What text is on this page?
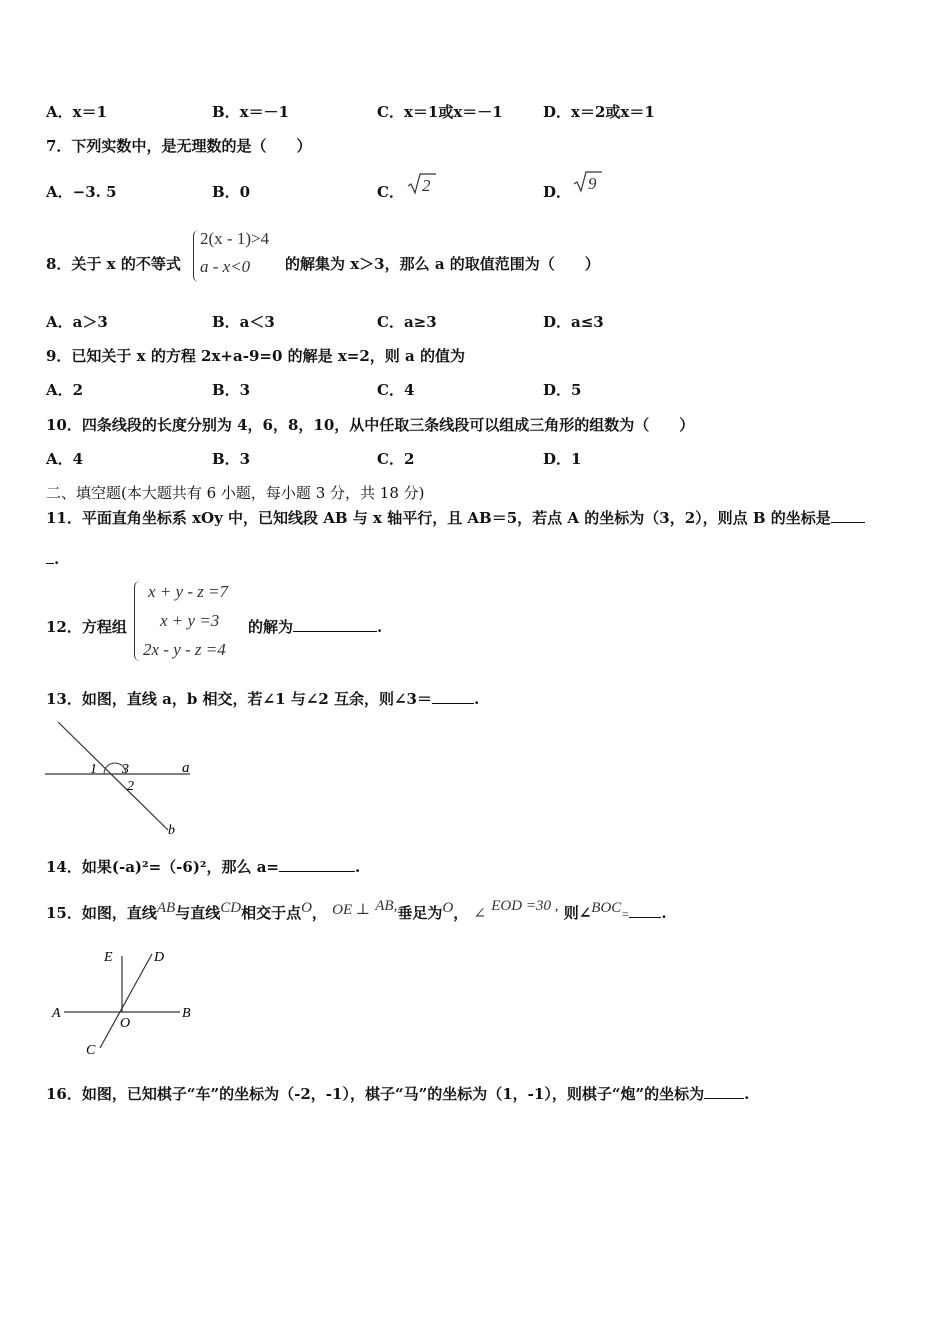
A．x＝1	B．x＝－1	C．x＝1或x＝－1	D．x＝2或x＝1
7．下列实数中，是无理数的是（　　）
A．−3. 5	B．0	C． 2	D． 9
8．关于 x 的不等式
2(x - 1)>4
a - x<0 的解集为 x＞3，那么 a 的取值范围为（　　）
A．a＞3	B．a＜3	C．a≥3	D．a≤3
9．已知关于 x 的方程 2x+a-9=0 的解是 x=2，则 a 的值为
A．2	B．3	C．4	D．5
10．四条线段的长度分别为 4，6，8，10，从中任取三条线段可以组成三角形的组数为（　　）
A．4	B．3	C．2	D．1
二、填空题(本大题共有 6 小题，每小题 3 分，共 18 分)
11．平面直角坐标系 xOy 中，已知线段 AB 与 x 轴平行，且 AB＝5，若点 A 的坐标为（3，2），则点 B 的坐标是
.
12．方程组
x + y - z =7
x + y =3
2x - y - z =4
的解为	.
13．如图，直线 a，b 相交，若∠1 与∠2 互余，则∠3＝	.
1 3
2
a
b
14．如果(-a)²=（-6)²，那么 a=	.
15．如图，直线AB与直线CD相交于点O， OE ⊥ AB,垂足为O， ∠ EOD =30 , 则∠BOC= .
A	B
E	D
O
C
16．如图，已知棋子“车”的坐标为（-2，-1），棋子“马”的坐标为（1，-1），则棋子“炮”的坐标为	.
